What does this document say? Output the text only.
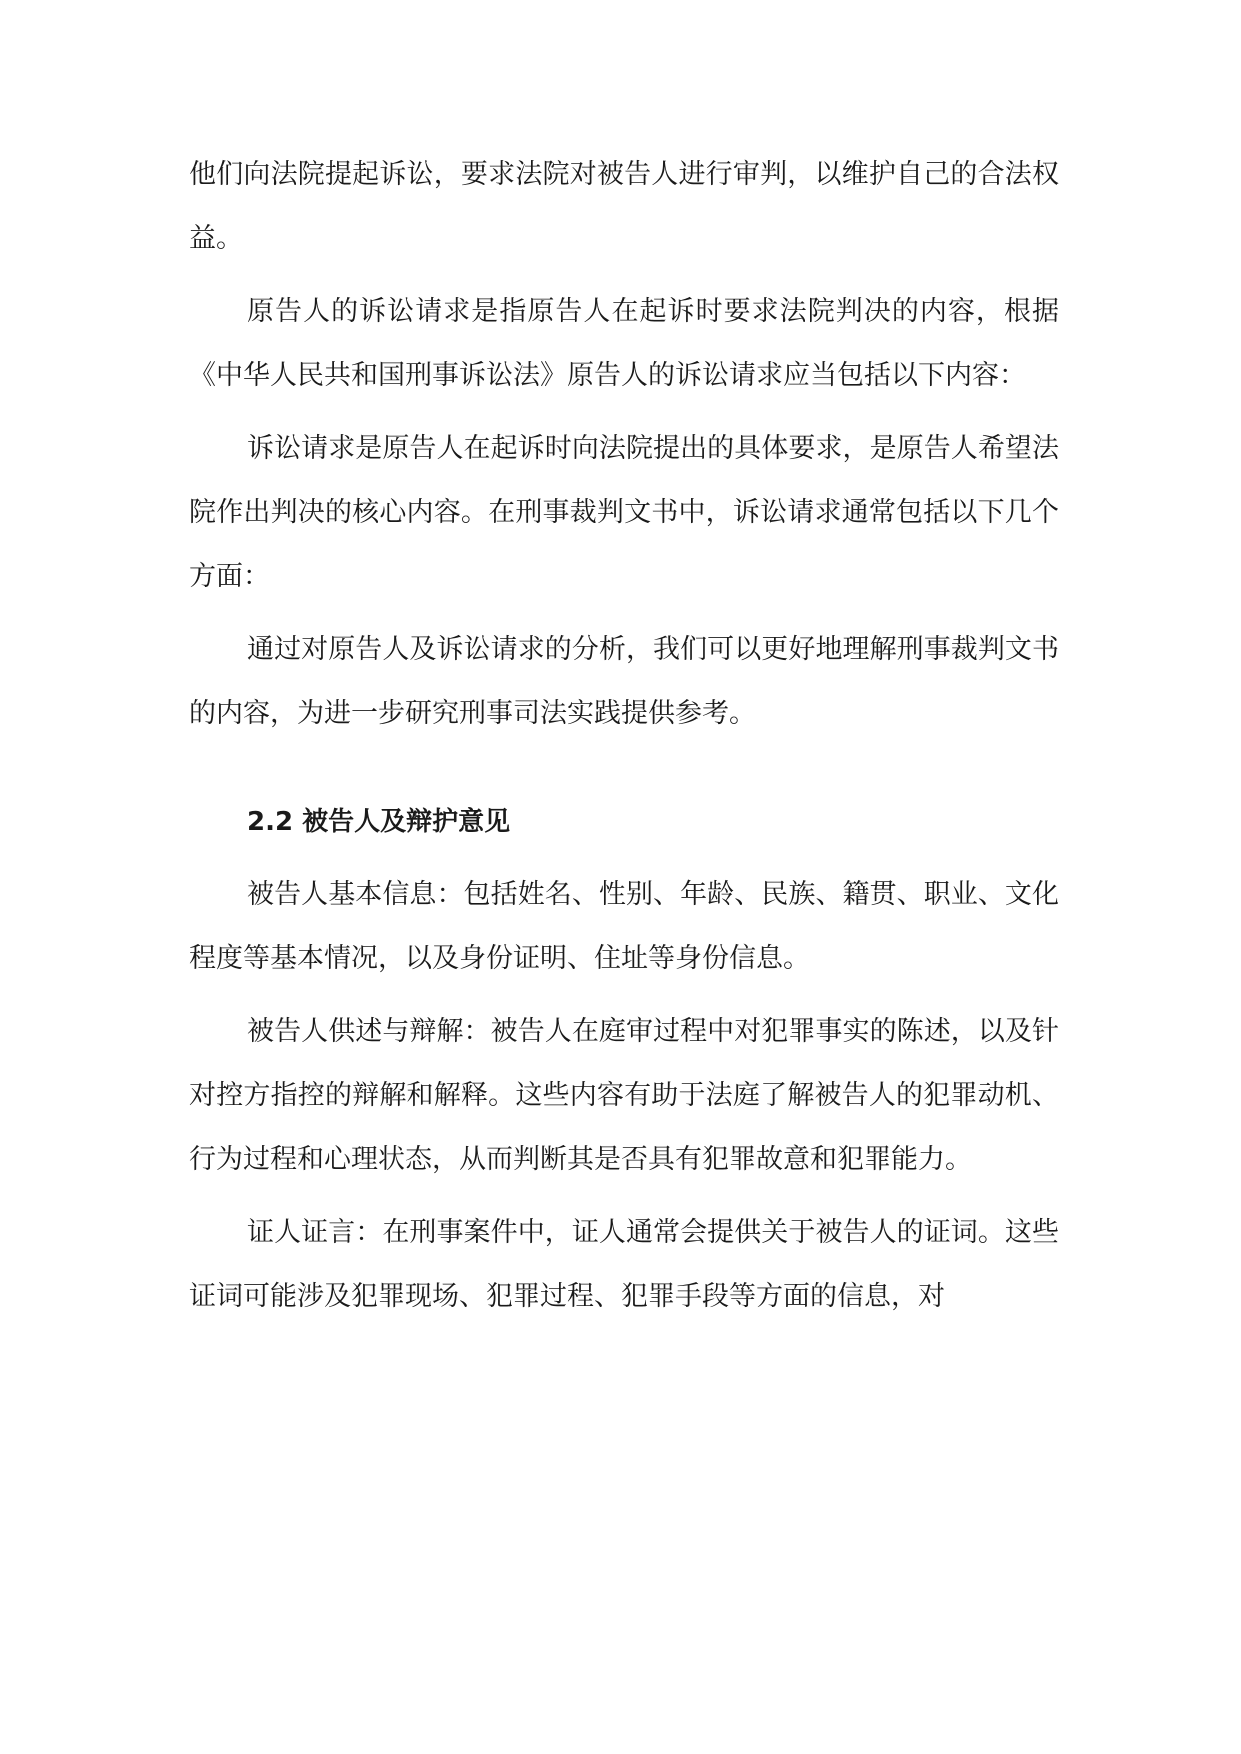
他们向法院提起诉讼，要求法院对被告人进行审判，以维护自己的合法权益。

原告人的诉讼请求是指原告人在起诉时要求法院判决的内容，根据《中华人民共和国刑事诉讼法》原告人的诉讼请求应当包括以下内容：

诉讼请求是原告人在起诉时向法院提出的具体要求，是原告人希望法院作出判决的核心内容。在刑事裁判文书中，诉讼请求通常包括以下几个方面：

通过对原告人及诉讼请求的分析，我们可以更好地理解刑事裁判文书的内容，为进一步研究刑事司法实践提供参考。

2.2 被告人及辩护意见

被告人基本信息：包括姓名、性别、年龄、民族、籍贯、职业、文化程度等基本情况，以及身份证明、住址等身份信息。

被告人供述与辩解：被告人在庭审过程中对犯罪事实的陈述，以及针对控方指控的辩解和解释。这些内容有助于法庭了解被告人的犯罪动机、行为过程和心理状态，从而判断其是否具有犯罪故意和犯罪能力。

证人证言：在刑事案件中，证人通常会提供关于被告人的证词。这些证词可能涉及犯罪现场、犯罪过程、犯罪手段等方面的信息，对
